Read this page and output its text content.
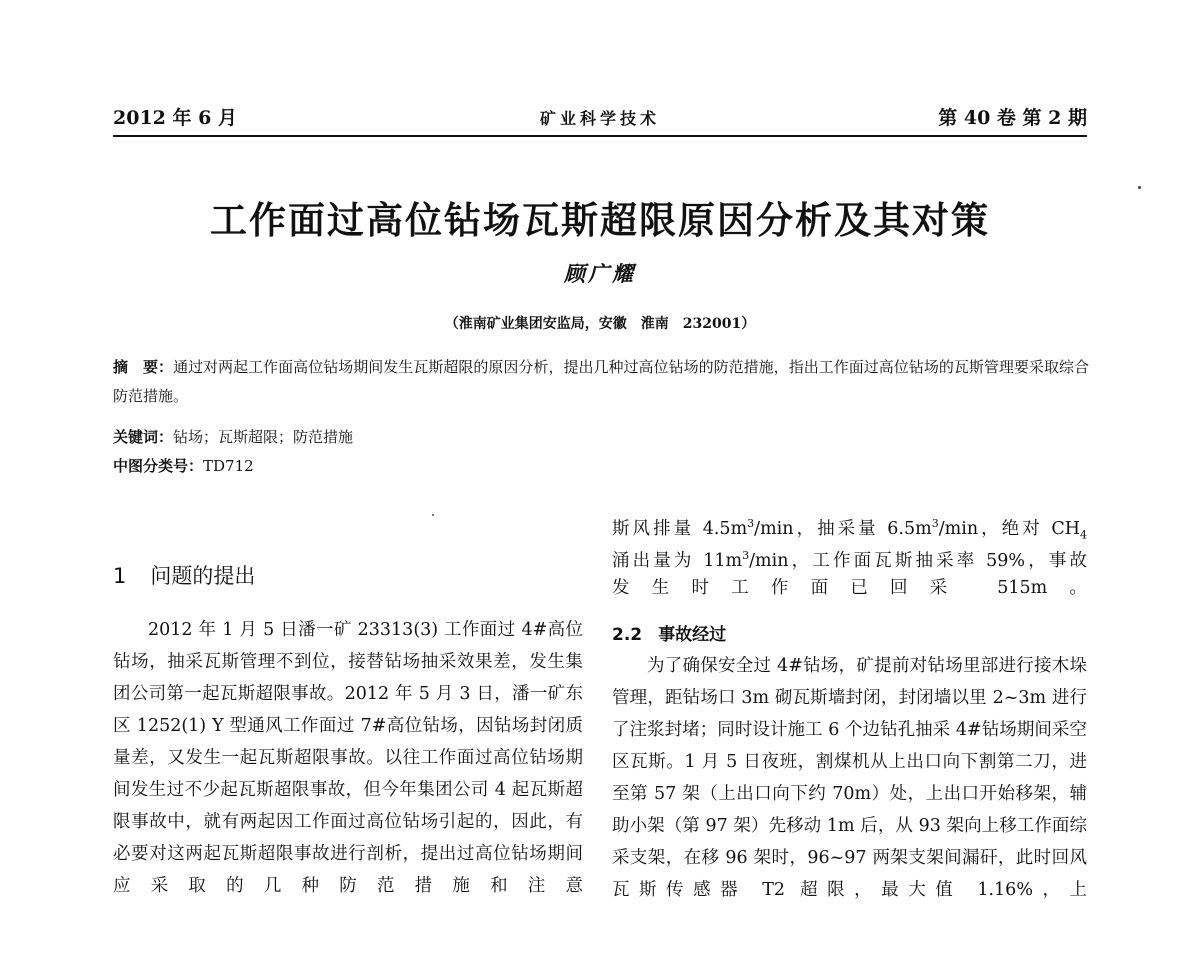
2012 年 6 月	矿业科学技术	第 40 卷 第 2 期
工作面过高位钻场瓦斯超限原因分析及其对策
顾广耀
（淮南矿业集团安监局，安徽　淮南　232001）
摘　要：通过对两起工作面高位钻场期间发生瓦斯超限的原因分析，提出几种过高位钻场的防范措施，指出工作面过高位钻场的瓦斯管理要采取综合防范措施。
关键词：钻场；瓦斯超限；防范措施
中图分类号：TD712
1 问题的提出

2012 年 1 月 5 日潘一矿 23313(3) 工作面过 4#高位钻场，抽采瓦斯管理不到位，接替钻场抽采效果差，发生集团公司第一起瓦斯超限事故。2012 年 5 月 3 日，潘一矿东区 1252(1) Y 型通风工作面过 7#高位钻场，因钻场封闭质量差，又发生一起瓦斯超限事故。以往工作面过高位钻场期间发生过不少起瓦斯超限事故，但今年集团公司 4 起瓦斯超限事故中，就有两起因工作面过高位钻场引起的，因此，有必要对这两起瓦斯超限事故进行剖析，提出过高位钻场期间应采取的几种防范措施和注意

斯风排量 $4.5m^3/\min$，抽采量 $6.5m^3/\min$，绝对 $CH_4$
涌出量为 $11m^3/\min$，工作面瓦斯抽采率 59%，事故
发生时工作面已回采 515m。
2.2 事故经过

为了确保安全过 4#钻场，矿提前对钻场里部进行接木垛管理，距钻场口 3m 砌瓦斯墙封闭，封闭墙以里 2~3m 进行了注浆封堵；同时设计施工 6 个边钻孔抽采 4#钻场期间采空区瓦斯。1 月 5 日夜班，割煤机从上出口向下割第二刀，进至第 57 架（上出口向下约 70m）处，上出口开始移架，辅助小架（第 97 架）先移动 1m 后，从 93 架向上移工作面综采支架，在移 96 架时，96~97 两架支架间漏矸，此时回风瓦斯传感器 T2 超限，最大值 1.16%，上
